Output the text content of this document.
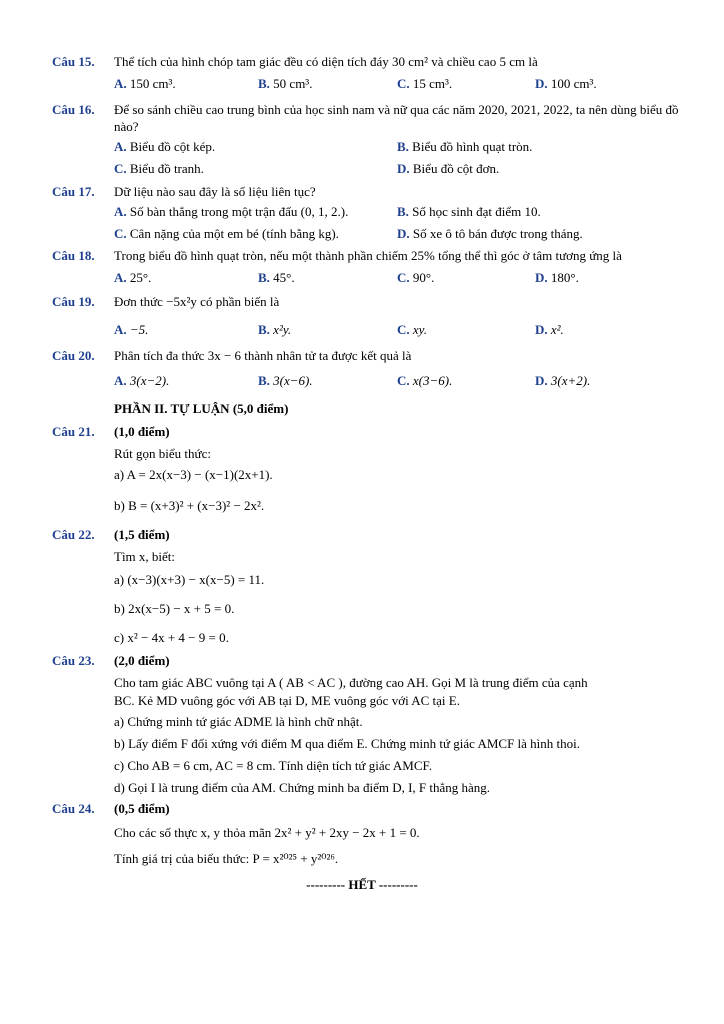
Câu 15.	Thể tích của hình chóp tam giác đều có diện tích đáy 30 cm² và chiều cao 5 cm là
A. 150 cm³.	B. 50 cm³.	C. 15 cm³.	D. 100 cm³.
Câu 16.	Để so sánh chiều cao trung bình của học sinh nam và nữ qua các năm 2020, 2021, 2022, ta nên dùng biểu đồ nào?
A. Biểu đồ cột kép.	B. Biểu đồ hình quạt tròn.
C. Biểu đồ tranh.	D. Biểu đồ cột đơn.
Câu 17.	Dữ liệu nào sau đây là số liệu liên tục?
A. Số bàn thắng trong một trận đấu (0, 1, 2.).	B. Số học sinh đạt điểm 10.
C. Cân nặng của một em bé (tính bằng kg).	D. Số xe ô tô bán được trong tháng.
Câu 18.	Trong biểu đồ hình quạt tròn, nếu một thành phần chiếm 25% tổng thể thì góc ở tâm tương ứng là
A. 25°.	B. 45°.	C. 90°.	D. 180°.
Câu 19.	Đơn thức −5x²y có phần biến là
A. −5.	B. x²y.	C. xy.	D. x².
Câu 20.	Phân tích đa thức 3x − 6 thành nhân tử ta được kết quả là
A. 3(x−2).	B. 3(x−6).	C. x(3−6).	D. 3(x+2).
PHẦN II. TỰ LUẬN (5,0 điểm)
Câu 21.	(1,0 điểm)
Rút gọn biểu thức:
a) A = 2x(x−3) − (x−1)(2x+1).
b) B = (x+3)² + (x−3)² − 2x².
Câu 22.	(1,5 điểm)
Tìm x, biết:
a) (x−3)(x+3) − x(x−5) = 11.
b) 2x(x−5) − x + 5 = 0.
c) x² − 4x + 4 − 9 = 0.
Câu 23.	(2,0 điểm)
Cho tam giác ABC vuông tại A ( AB < AC ), đường cao AH. Gọi M là trung điểm của cạnh
BC. Kẻ MD vuông góc với AB tại D, ME vuông góc với AC tại E.
a) Chứng minh tứ giác ADME là hình chữ nhật.
b) Lấy điểm F đối xứng với điểm M qua điểm E. Chứng minh tứ giác AMCF là hình thoi.
c) Cho AB = 6 cm, AC = 8 cm. Tính diện tích tứ giác AMCF.
d) Gọi I là trung điểm của AM. Chứng minh ba điểm D, I, F thẳng hàng.
Câu 24.	(0,5 điểm)
Cho các số thực x, y thỏa mãn 2x² + y² + 2xy − 2x + 1 = 0.
Tính giá trị của biểu thức: P = x²⁰²⁵ + y²⁰²⁶.
--------- HẾT ---------
